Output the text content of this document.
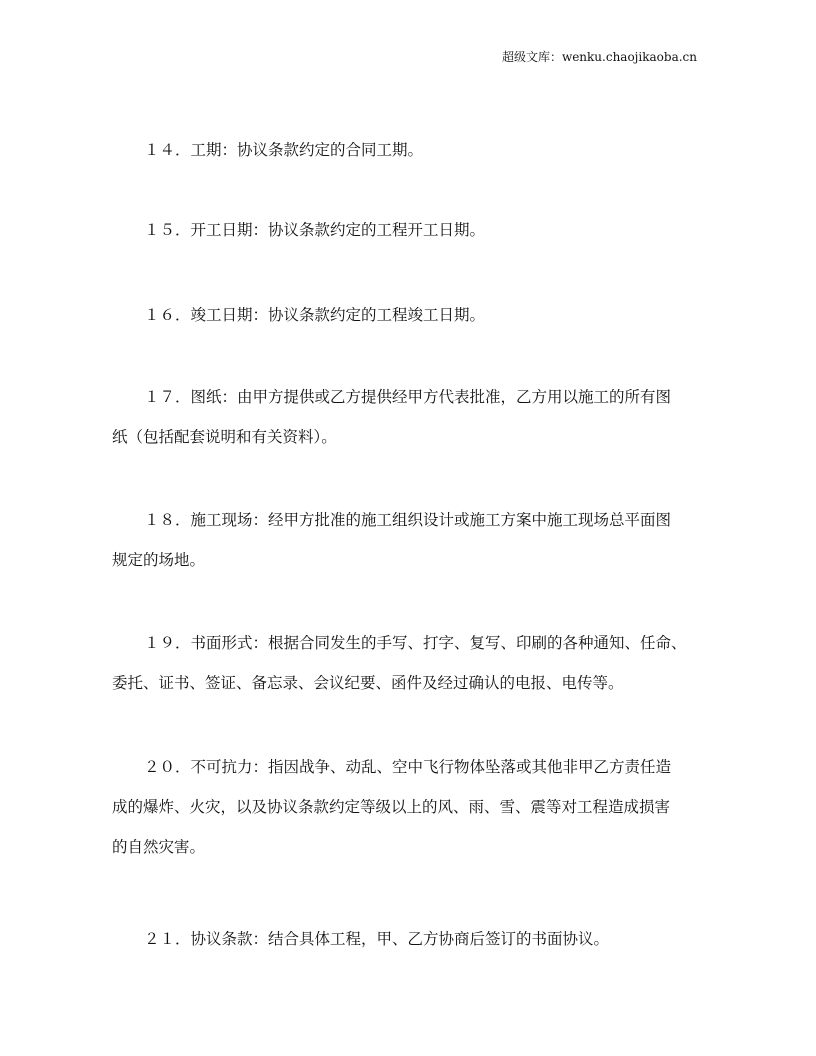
超级文库：wenku.chaojikaoba.cn
１４．工期：协议条款约定的合同工期。
１５．开工日期：协议条款约定的工程开工日期。
１６．竣工日期：协议条款约定的工程竣工日期。
１７．图纸：由甲方提供或乙方提供经甲方代表批准，乙方用以施工的所有图
纸（包括配套说明和有关资料）。
１８．施工现场：经甲方批准的施工组织设计或施工方案中施工现场总平面图
规定的场地。
１９．书面形式：根据合同发生的手写、打字、复写、印刷的各种通知、任命、
委托、证书、签证、备忘录、会议纪要、函件及经过确认的电报、电传等。
２０．不可抗力：指因战争、动乱、空中飞行物体坠落或其他非甲乙方责任造
成的爆炸、火灾，以及协议条款约定等级以上的风、雨、雪、震等对工程造成损害
的自然灾害。
２１．协议条款：结合具体工程，甲、乙方协商后签订的书面协议。
